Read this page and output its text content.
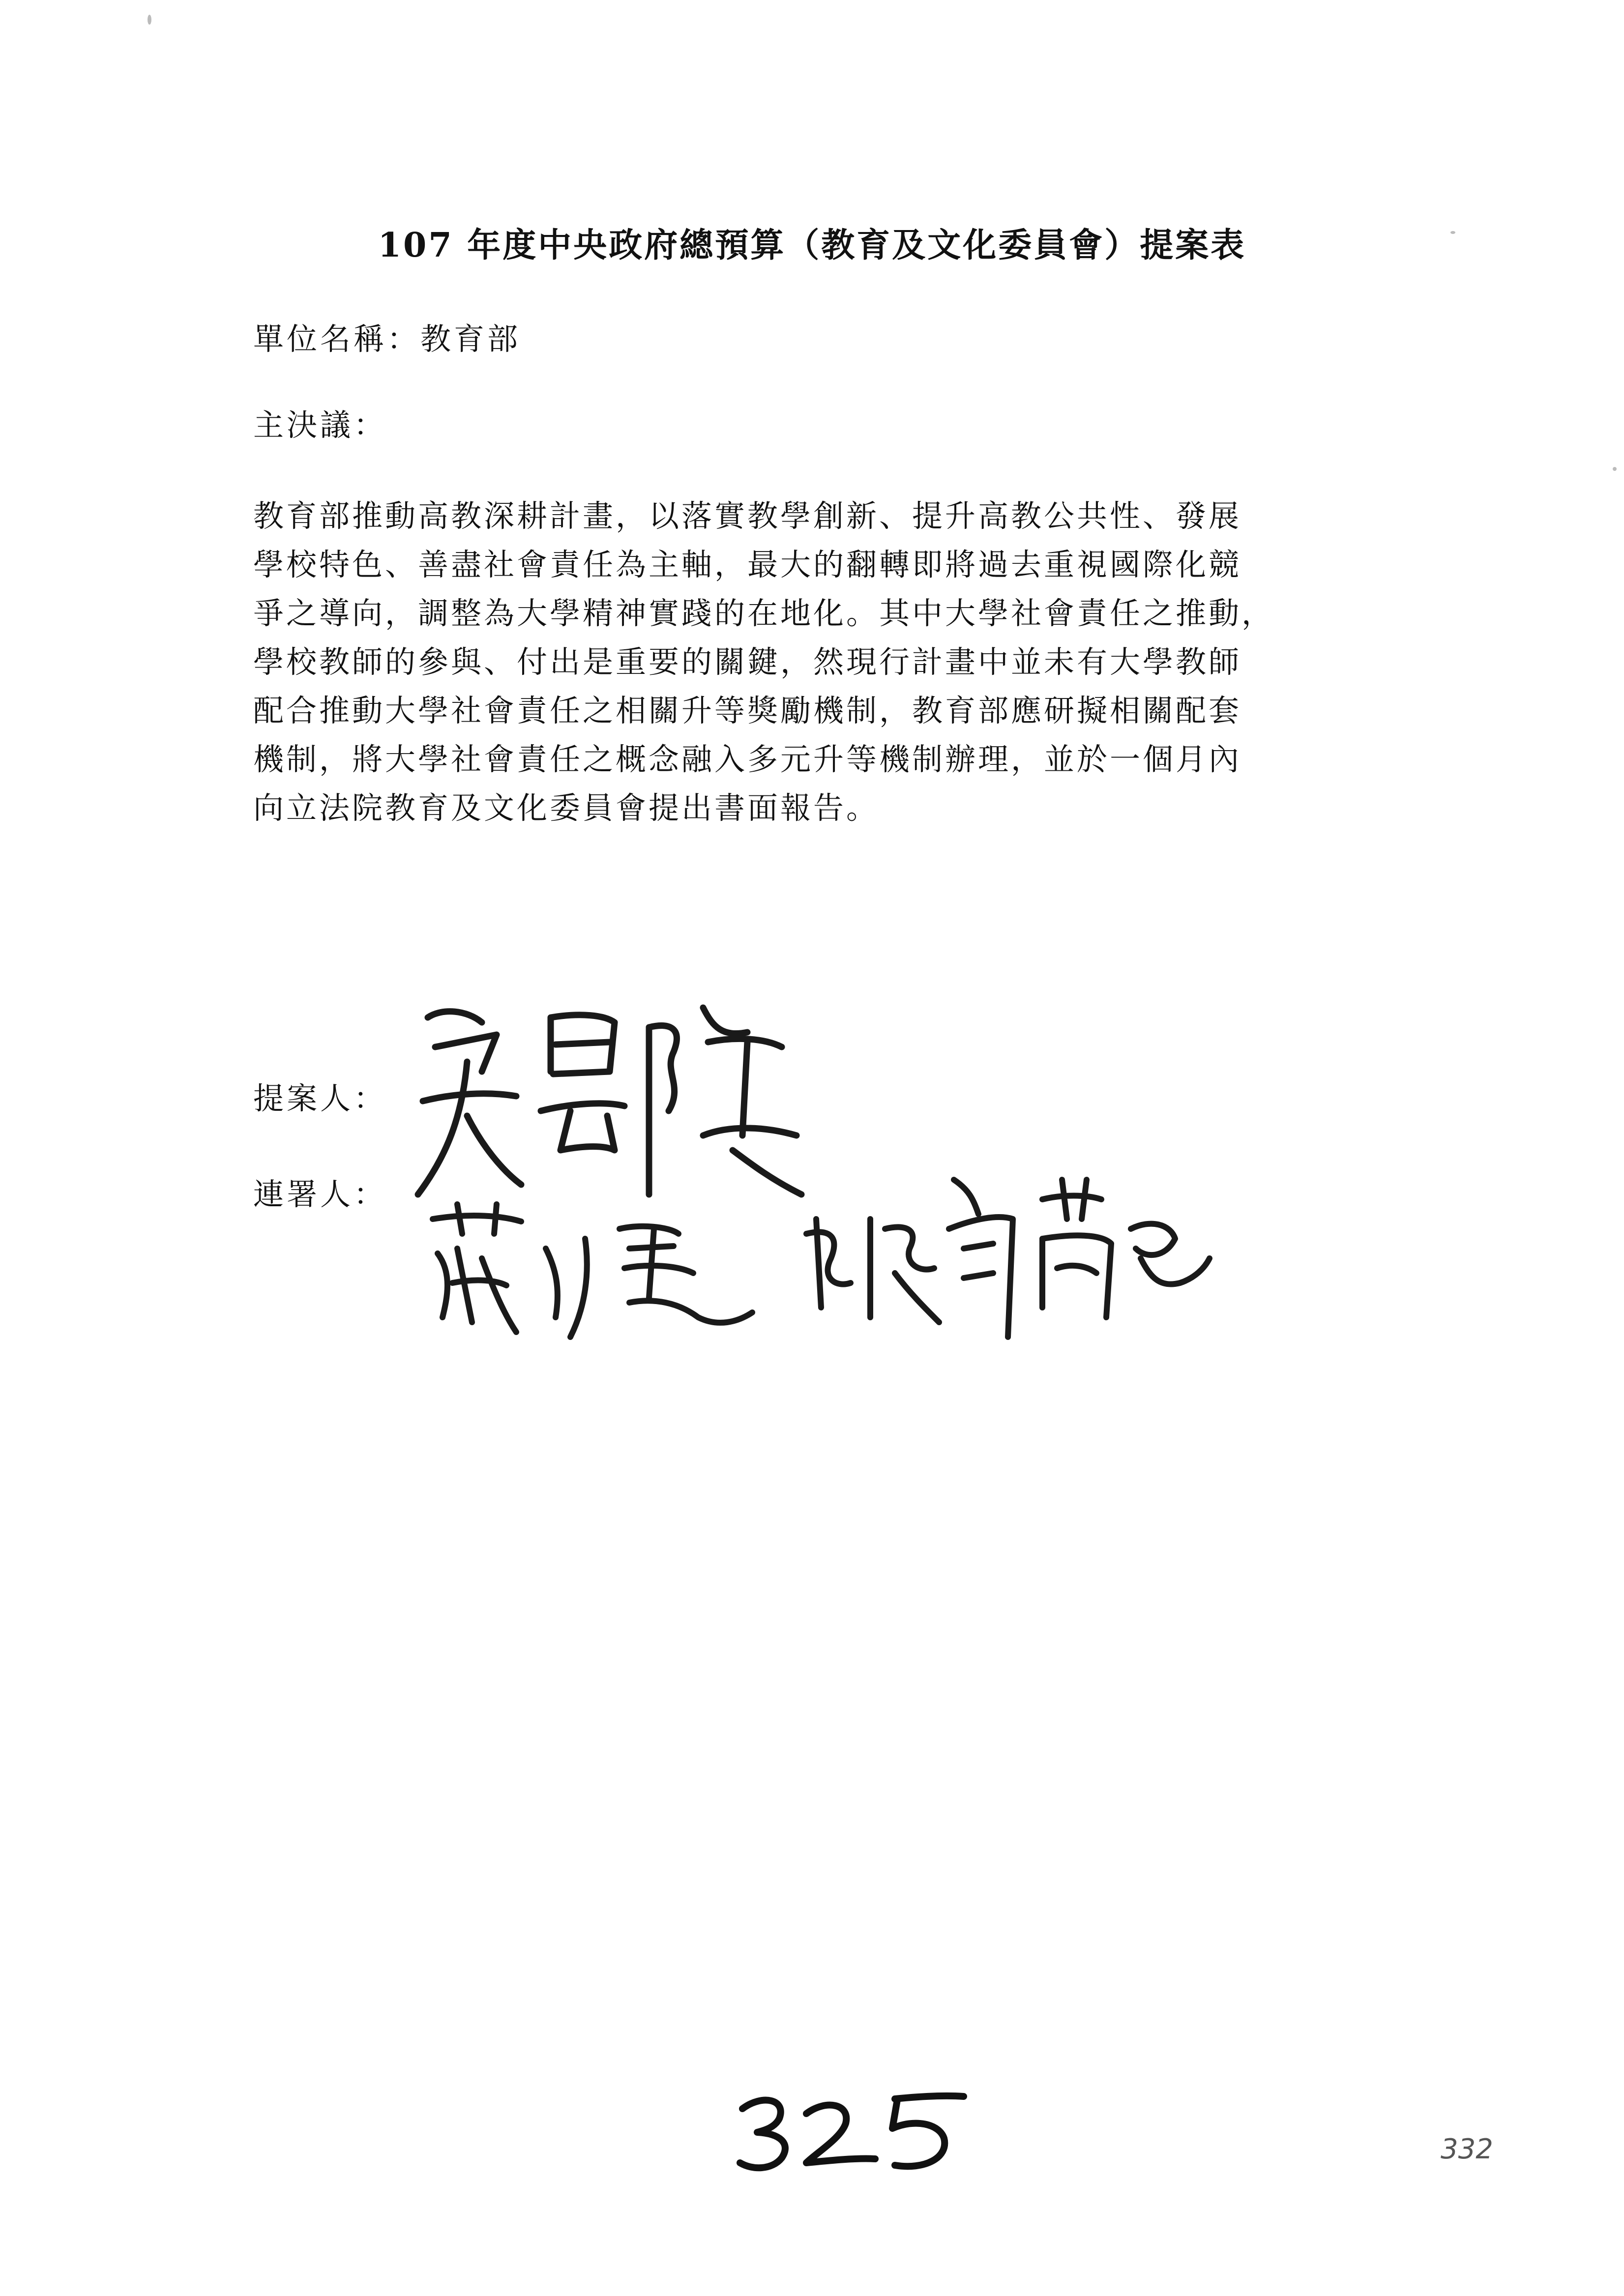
107 年度中央政府總預算（教育及文化委員會）提案表
單位名稱：教育部
主決議：
教育部推動高教深耕計畫，以落實教學創新、提升高教公共性、發展
學校特色、善盡社會責任為主軸，最大的翻轉即將過去重視國際化競
爭之導向，調整為大學精神實踐的在地化。其中大學社會責任之推動，
學校教師的參與、付出是重要的關鍵，然現行計畫中並未有大學教師
配合推動大學社會責任之相關升等獎勵機制，教育部應研擬相關配套
機制，將大學社會責任之概念融入多元升等機制辦理，並於一個月內
向立法院教育及文化委員會提出書面報告。
提案人：
連署人：
332
